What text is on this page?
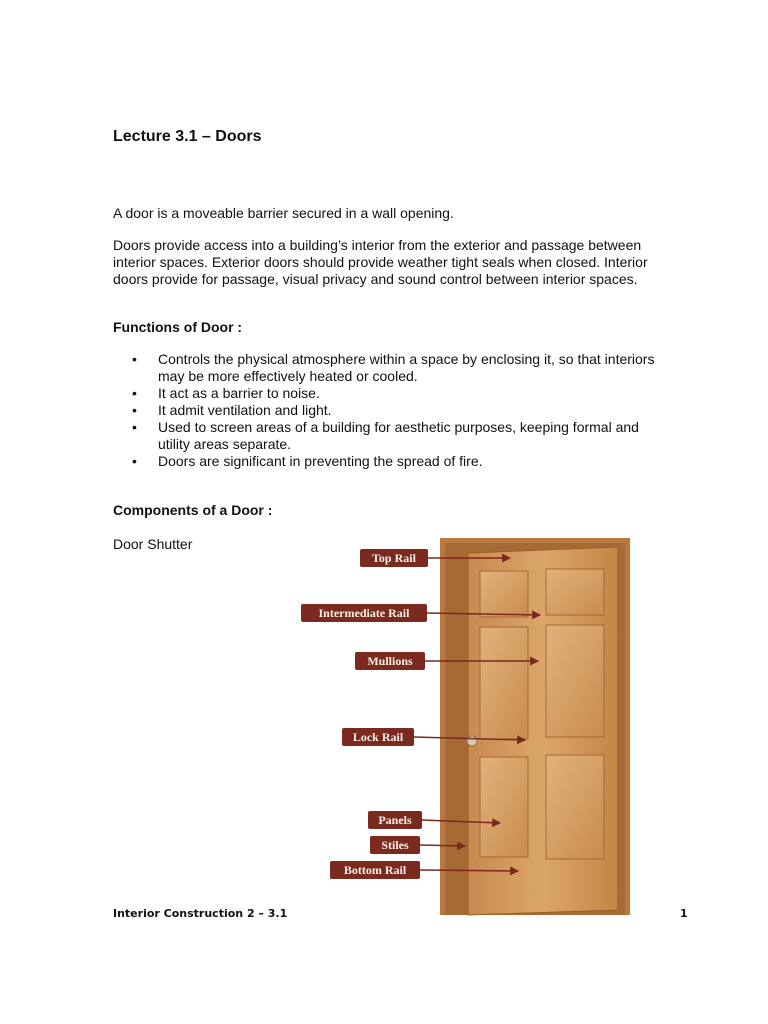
Lecture 3.1 – Doors

A door is a moveable barrier secured in a wall opening.

Doors provide access into a building’s interior from the exterior and passage between
interior spaces. Exterior doors should provide weather tight seals when closed. Interior
doors provide for passage, visual privacy and sound control between interior spaces.

Functions of Door :
• Controls the physical atmosphere within a space by enclosing it, so that interiors
may be more effectively heated or cooled.
• It act as a barrier to noise.
• It admit ventilation and light.
• Used to screen areas of a building for aesthetic purposes, keeping formal and
utility areas separate.
• Doors are significant in preventing the spread of fire.
Components of a Door :

Door Shutter

Top Rail
Intermediate Rail
Mullions
Lock Rail
Panels
Stiles
Bottom Rail
Interior Construction 2 – 3.1	1
